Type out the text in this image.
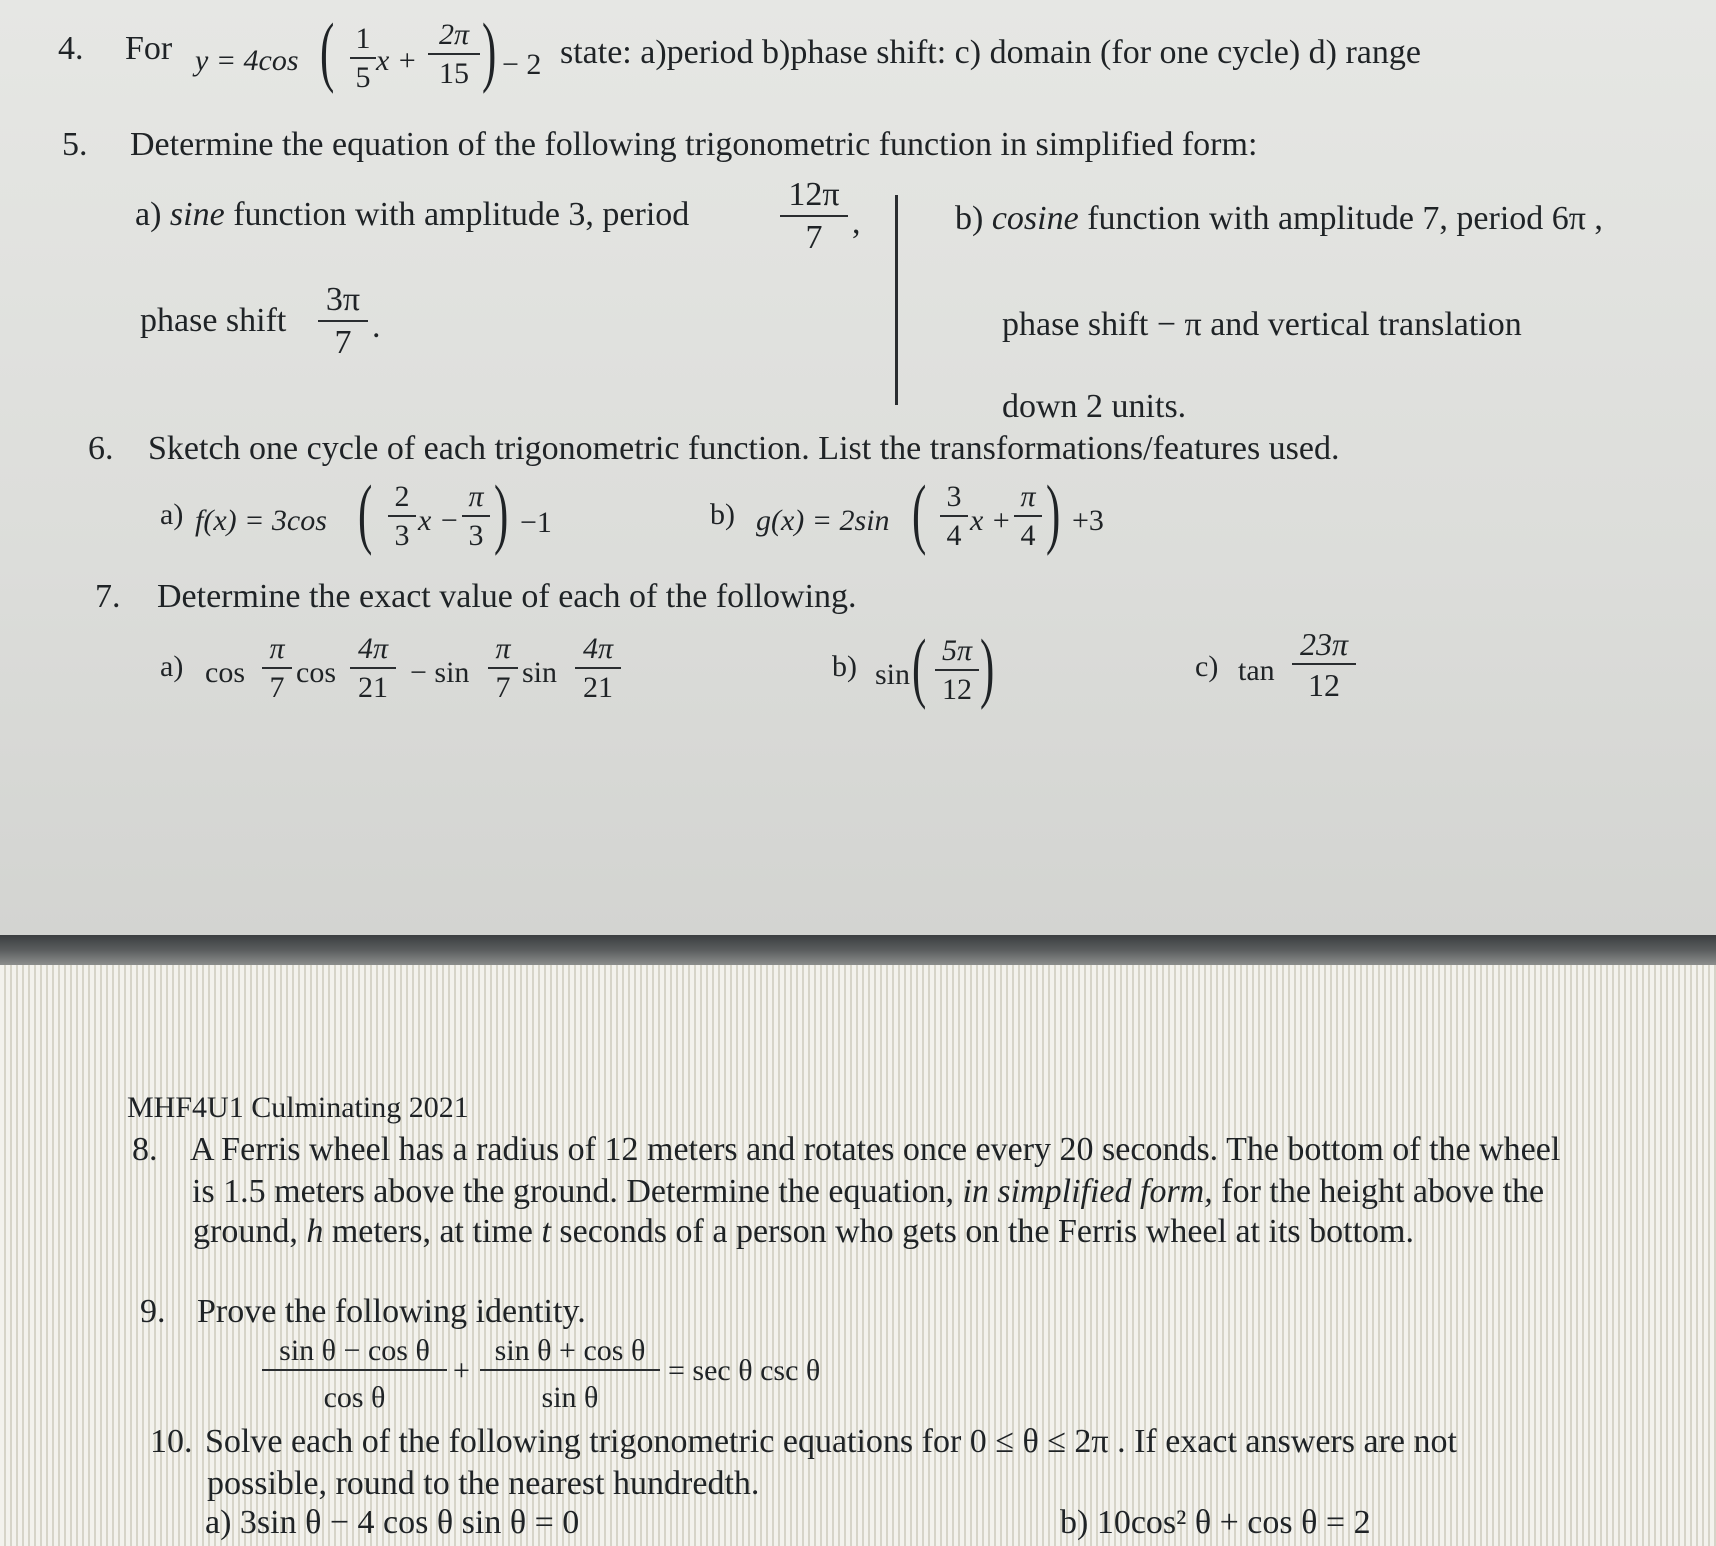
4. For y = 4cos ( $\frac{1}{5}$ $x + \frac{2\pi}{15}$ ) − 2 state: a)period b)phase shift: c) domain (for one cycle) d) range
5. Determine the equation of the following trigonometric function in simplified form:
a) sine function with amplitude 3, period	$\frac{12\pi}{7}$ ,
phase shift $\frac{3\pi}{7}$ .
b) cosine function with amplitude 7, period 6π ,
phase shift − π and vertical translation
down 2 units.
6. Sketch one cycle of each trigonometric function. List the transformations/features used.
a) f(x) = 3cos ( $\frac{2}{3}$ $x - \frac{\pi}{3}$ ) −1	b) g(x) = 2sin ( $\frac{3}{4}$ $x + \frac{\pi}{4}$ ) +3
7. Determine the exact value of each of the following.
a) $\cos \frac{\pi}{7}$ $\cos \frac{4\pi}{21} - \sin \frac{\pi}{7}$ $\sin \frac{4\pi}{21}$	b) sin ( $\frac{5\pi}{12}$ )	c) $\tan \frac{23\pi}{12}$
MHF4U1 Culminating 2021
8. A Ferris wheel has a radius of 12 meters and rotates once every 20 seconds. The bottom of the wheel
is 1.5 meters above the ground. Determine the equation, in simplified form, for the height above the
ground, h meters, at time t seconds of a person who gets on the Ferris wheel at its bottom.
9. Prove the following identity.
$\frac{\text{sin θ − cos θ}}{\text{cos θ}} + \frac{\text{sin θ + cos θ}}{\text{sin θ}} = \sec \theta$ csc θ
10. Solve each of the following trigonometric equations for 0 ≤ θ ≤ 2π . If exact answers are not
possible, round to the nearest hundredth.
a) 3sin θ − 4 cos θ sin θ = 0	b) 10cos² θ + cos θ = 2
